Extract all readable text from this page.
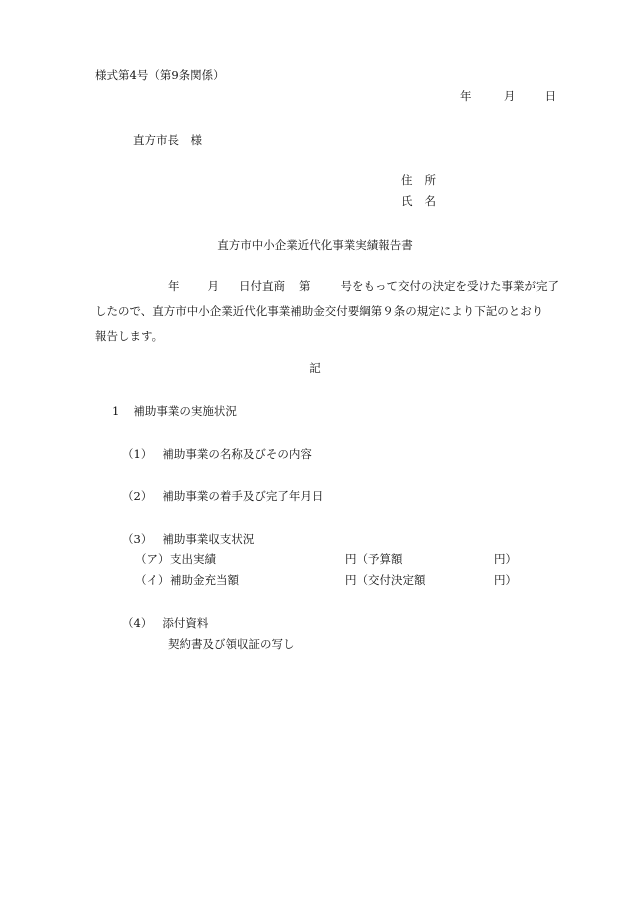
様式第4号（第9条関係）
年	月	日
直方市長　様
住 所
氏 名
直方市中小企業近代化事業実績報告書
年 月 日付直商 第	号をもって交付の決定を受けた事業が完了
したので、直方市中小企業近代化事業補助金交付要綱第９条の規定により下記のとおり
報告します。
記
1 補助事業の実施状況
（1） 補助事業の名称及びその内容
（2） 補助事業の着手及び完了年月日
（3） 補助事業収支状況
（ア） 支出実績	円（予算額	円）
（イ） 補助金充当額	円（交付決定額	円）
（4） 添付資料
契約書及び領収証の写し
